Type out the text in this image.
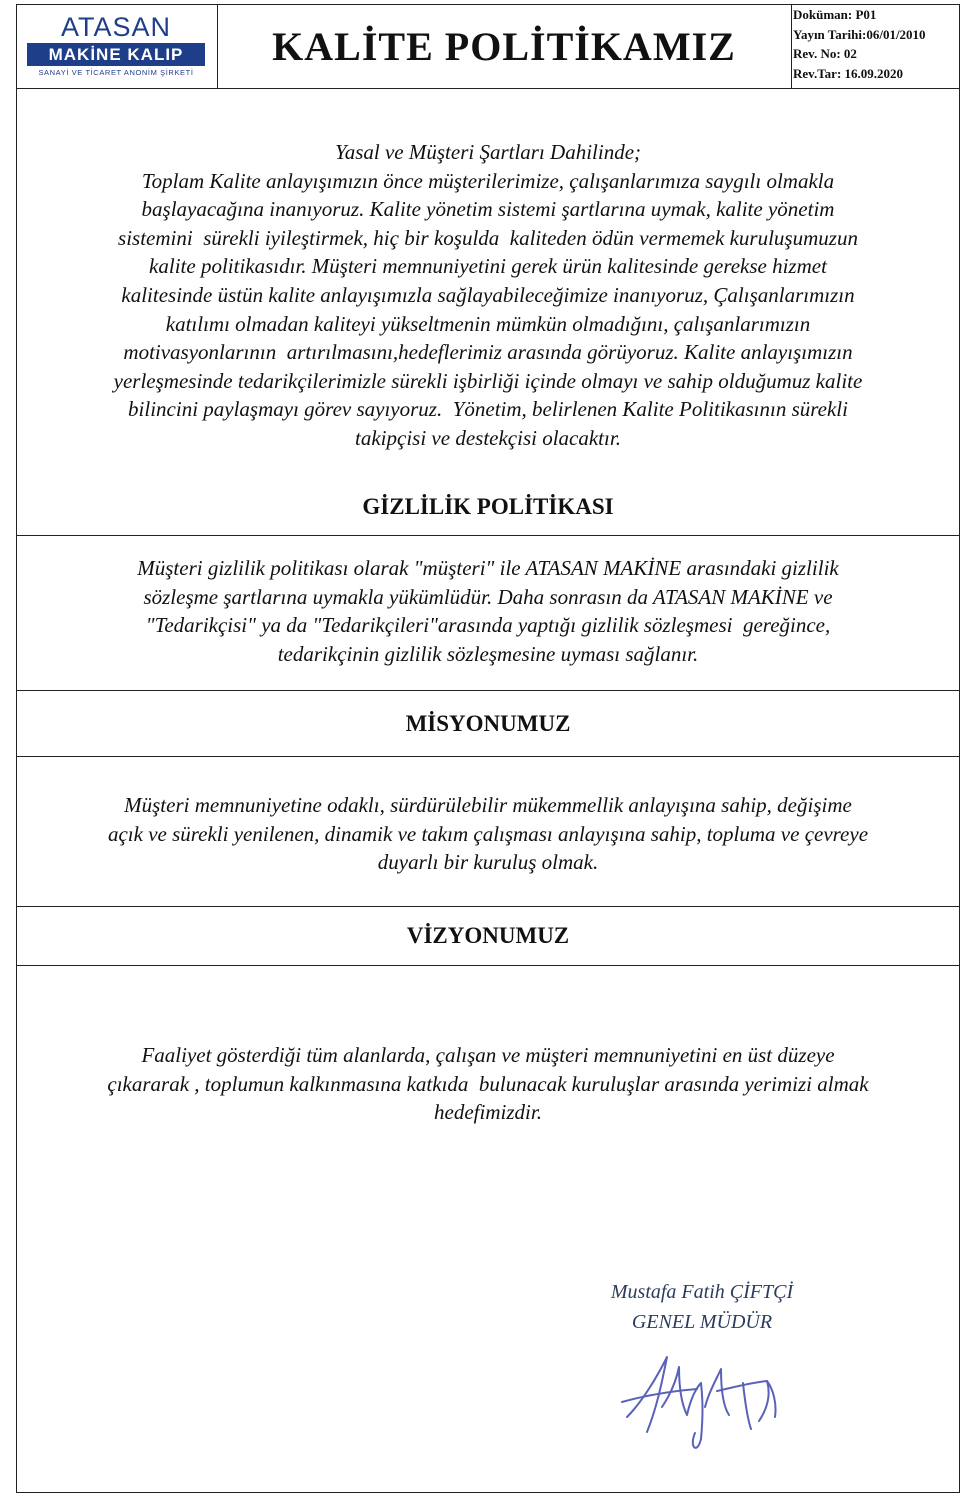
ATASAN
MAKİNE KALIP
SANAYİ VE TİCARET ANONİM ŞİRKETİ
KALİTE POLİTİKAMIZ
Doküman: P01
Yayın Tarihi:06/01/2010
Rev. No: 02
Rev.Tar: 16.09.2020
Yasal ve Müşteri Şartları Dahilinde;
Toplam Kalite anlayışımızın önce müşterilerimize, çalışanlarımıza saygılı olmakla
başlayacağına inanıyoruz. Kalite yönetim sistemi şartlarına uymak, kalite yönetim
sistemini  sürekli iyileştirmek, hiç bir koşulda  kaliteden ödün vermemek kuruluşumuzun
kalite politikasıdır. Müşteri memnuniyetini gerek ürün kalitesinde gerekse hizmet
kalitesinde üstün kalite anlayışımızla sağlayabileceğimize inanıyoruz, Çalışanlarımızın
katılımı olmadan kaliteyi yükseltmenin mümkün olmadığını, çalışanlarımızın
motivasyonlarının  artırılmasını,hedeflerimiz arasında görüyoruz. Kalite anlayışımızın
yerleşmesinde tedarikçilerimizle sürekli işbirliği içinde olmayı ve sahip olduğumuz kalite
bilincini paylaşmayı görev sayıyoruz.  Yönetim, belirlenen Kalite Politikasının sürekli
takipçisi ve destekçisi olacaktır.
GİZLİLİK POLİTİKASI
Müşteri gizlilik politikası olarak "müşteri" ile ATASAN MAKİNE arasındaki gizlilik
sözleşme şartlarına uymakla yükümlüdür. Daha sonrasın da ATASAN MAKİNE ve
"Tedarikçisi" ya da "Tedarikçileri"arasında yaptığı gizlilik sözleşmesi  gereğince,
tedarikçinin gizlilik sözleşmesine uyması sağlanır.
MİSYONUMUZ
Müşteri memnuniyetine odaklı, sürdürülebilir mükemmellik anlayışına sahip, değişime
açık ve sürekli yenilenen, dinamik ve takım çalışması anlayışına sahip, topluma ve çevreye
duyarlı bir kuruluş olmak.
VİZYONUMUZ
Faaliyet gösterdiği tüm alanlarda, çalışan ve müşteri memnuniyetini en üst düzeye
çıkararak , toplumun kalkınmasına katkıda  bulunacak kuruluşlar arasında yerimizi almak
hedefimizdir.
Mustafa Fatih ÇİFTÇİ
GENEL MÜDÜR
